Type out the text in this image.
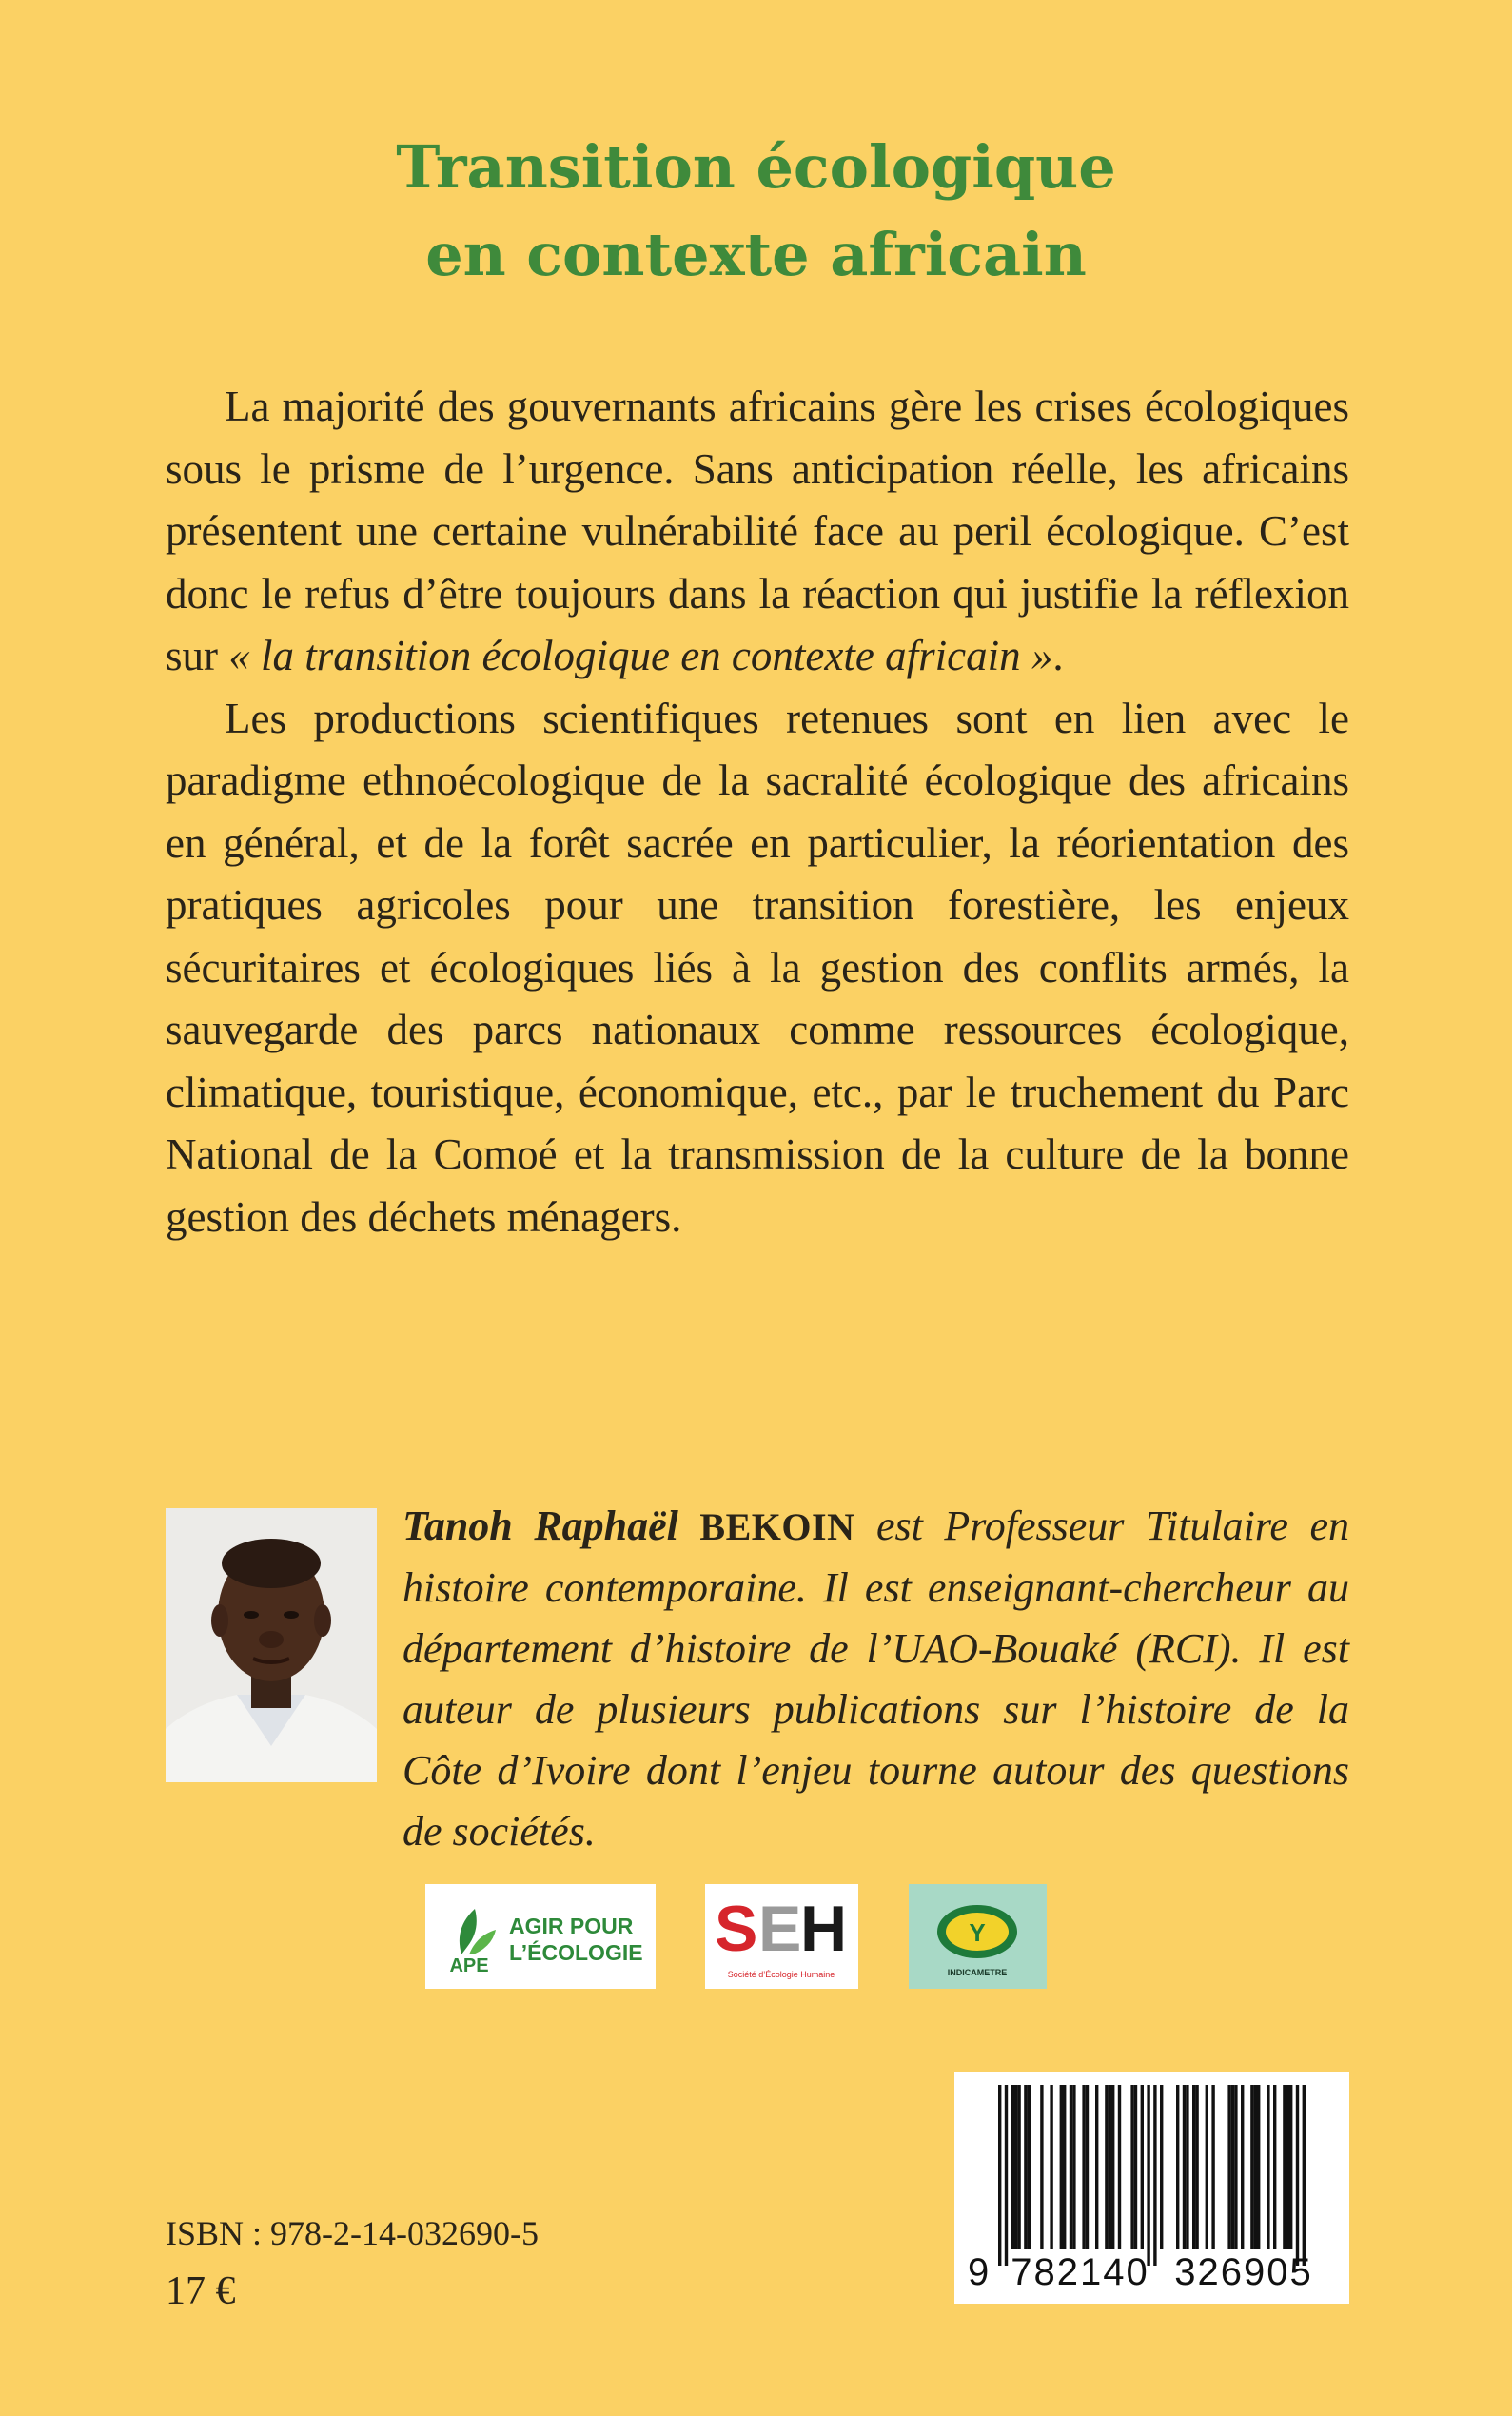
Transition écologique
en contexte africain

La majorité des gouvernants africains gère les crises écologiques sous le prisme de l’urgence. Sans anticipation réelle, les africains présentent une certaine vulnérabilité face au peril écologique. C’est donc le refus d’être toujours dans la réaction qui justifie la réflexion sur « la transition écologique en contexte africain ».

Les productions scientifiques retenues sont en lien avec le paradigme ethnoécologique de la sacralité écologique des africains en général, et de la forêt sacrée en particulier, la réorientation des pratiques agricoles pour une transition forestière, les enjeux sécuritaires et écologiques liés à la gestion des conflits armés, la sauvegarde des parcs nationaux comme ressources écologique, climatique, touristique, économique, etc., par le truchement du Parc National de la Comoé et la transmission de la culture de la bonne gestion des déchets ménagers.

Tanoh Raphaël BEKOIN est Professeur Titulaire en histoire contemporaine. Il est enseignant-chercheur au département d’histoire de l’UAO-Bouaké (RCI). Il est auteur de plusieurs publications sur l’histoire de la Côte d’Ivoire dont l’enjeu tourne autour des questions de sociétés.
APE
AGIR POUR
L’ÉCOLOGIE S E
H
Société d’Écologie Humaine
Y
INDICAMETRE
ISBN : 978-2-14-032690-5
17 €	9 782140 326905
